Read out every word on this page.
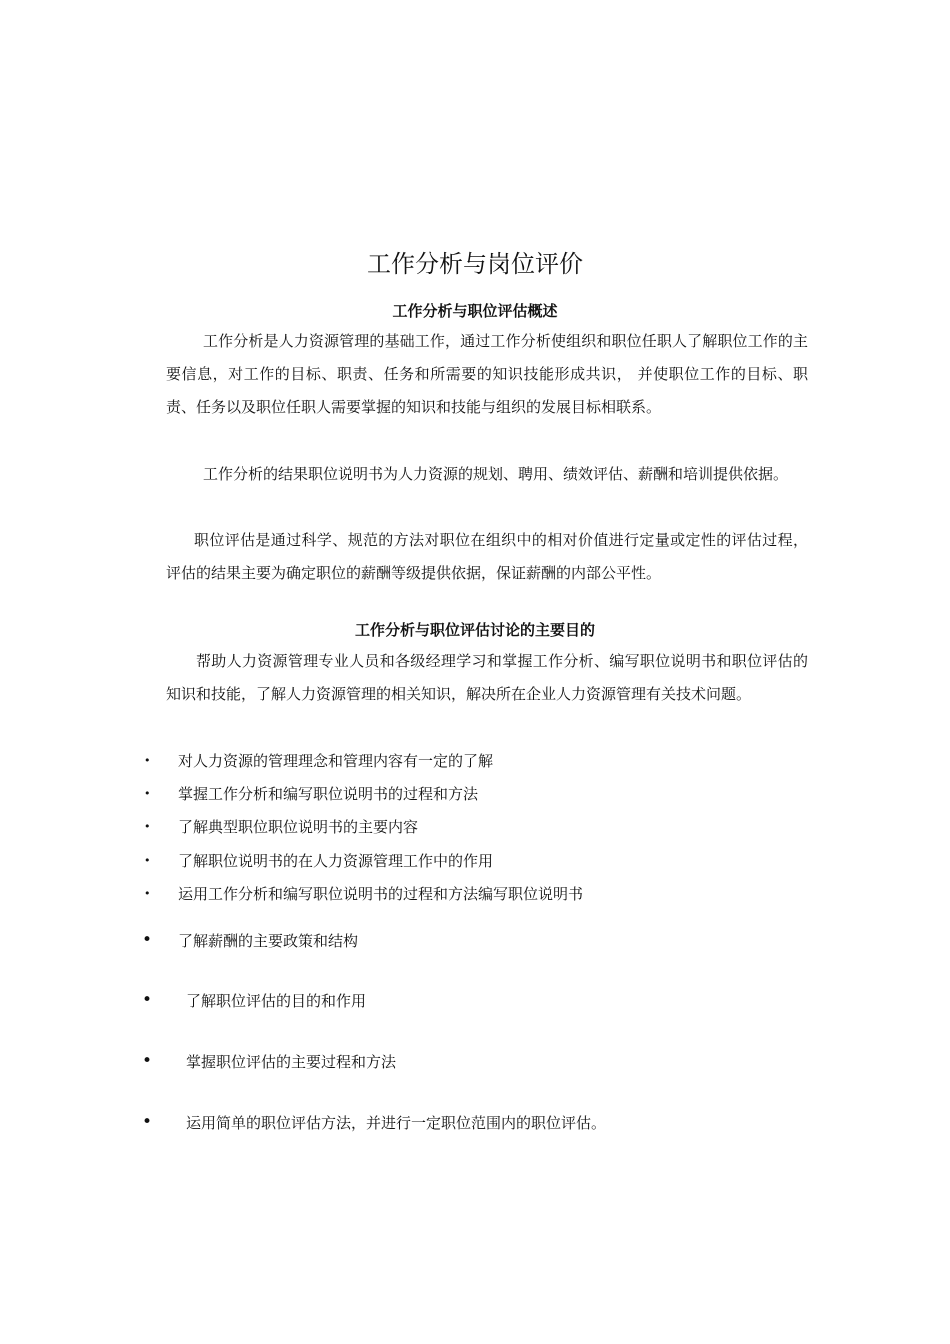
工作分析与岗位评价
工作分析与职位评估概述

工作分析是人力资源管理的基础工作，通过工作分析使组织和职位任职人了解职位工作的主要信息，对工作的目标、职责、任务和所需要的知识技能形成共识， 并使职位工作的目标、职责、任务以及职位任职人需要掌握的知识和技能与组织的发展目标相联系。

工作分析的结果职位说明书为人力资源的规划、聘用、绩效评估、薪酬和培训提供依据。

职位评估是通过科学、规范的方法对职位在组织中的相对价值进行定量或定性的评估过程，评估的结果主要为确定职位的薪酬等级提供依据，保证薪酬的内部公平性。

工作分析与职位评估讨论的主要目的

帮助人力资源管理专业人员和各级经理学习和掌握工作分析、编写职位说明书和职位评估的知识和技能，了解人力资源管理的相关知识，解决所在企业人力资源管理有关技术问题。

• 对人力资源的管理理念和管理内容有一定的了解
• 掌握工作分析和编写职位说明书的过程和方法
• 了解典型职位职位说明书的主要内容
• 了解职位说明书的在人力资源管理工作中的作用
• 运用工作分析和编写职位说明书的过程和方法编写职位说明书
• 了解薪酬的主要政策和结构
• 了解职位评估的目的和作用
• 掌握职位评估的主要过程和方法
• 运用简单的职位评估方法，并进行一定职位范围内的职位评估。
